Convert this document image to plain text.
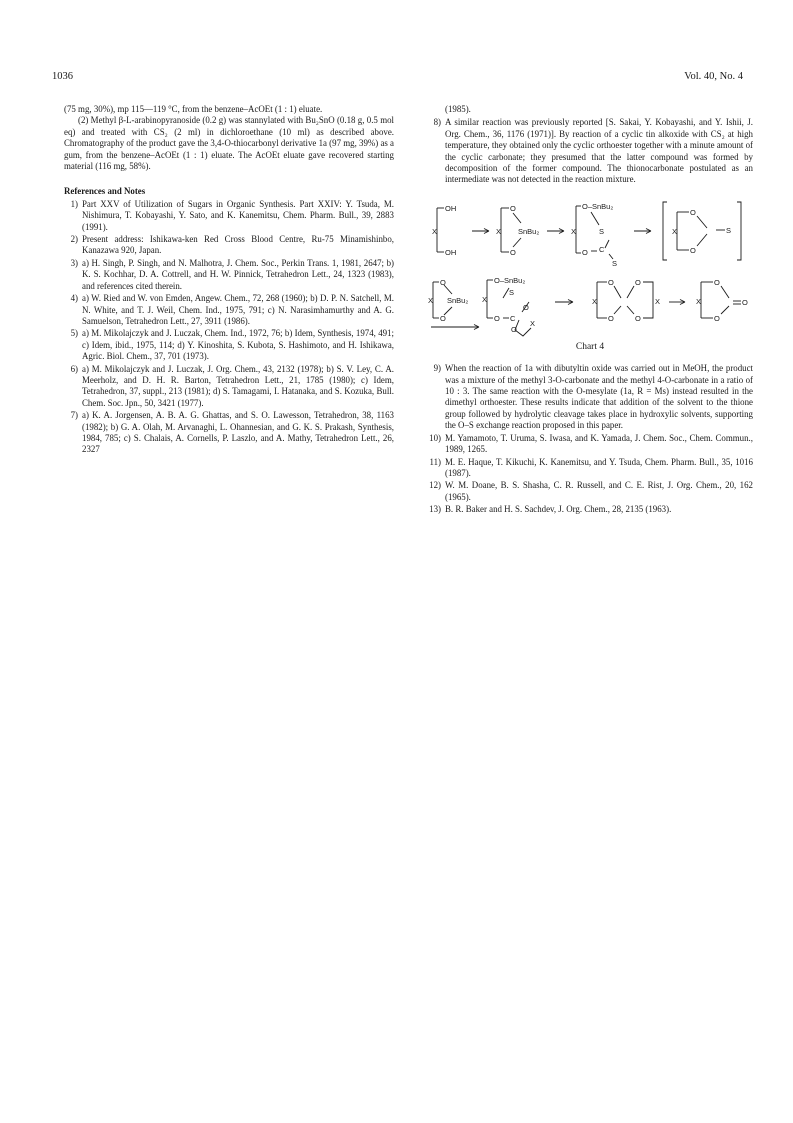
1036	Vol. 40, No. 4

(75 mg, 30%), mp 115—119 °C, from the benzene–AcOEt (1 : 1) eluate.

(2) Methyl β-L-arabinopyranoside (0.2 g) was stannylated with Bu₂SnO (0.18 g, 0.5 mol eq) and treated with CS₂ (2 ml) in dichloroethane (10 ml) as described above. Chromatography of the product gave the 3,4-O-thiocarbonyl derivative 1a (97 mg, 39%) as a gum, from the benzene–AcOEt (1 : 1) eluate. The AcOEt eluate gave recovered starting material (116 mg, 58%).

References and Notes

1) Part XXV of Utilization of Sugars in Organic Synthesis. Part XXIV: Y. Tsuda, M. Nishimura, T. Kobayashi, Y. Sato, and K. Kanemitsu, Chem. Pharm. Bull., 39, 2883 (1991).
2) Present address: Ishikawa-ken Red Cross Blood Centre, Ru-75 Minamishinbo, Kanazawa 920, Japan.
3) a) H. Singh, P. Singh, and N. Malhotra, J. Chem. Soc., Perkin Trans. 1, 1981, 2647; b) K. S. Kochhar, D. A. Cottrell, and H. W. Pinnick, Tetrahedron Lett., 24, 1323 (1983), and references cited therein.
4) a) W. Ried and W. von Emden, Angew. Chem., 72, 268 (1960); b) D. P. N. Satchell, M. N. White, and T. J. Weil, Chem. Ind., 1975, 791; c) N. Narasimhamurthy and A. G. Samuelson, Tetrahedron Lett., 27, 3911 (1986).
5) a) M. Mikolajczyk and J. Luczak, Chem. Ind., 1972, 76; b) Idem, Synthesis, 1974, 491; c) Idem, ibid., 1975, 114; d) Y. Kinoshita, S. Kubota, S. Hashimoto, and H. Ishikawa, Agric. Biol. Chem., 37, 701 (1973).
6) a) M. Mikolajczyk and J. Luczak, J. Org. Chem., 43, 2132 (1978); b) S. V. Ley, C. A. Meerholz, and D. H. R. Barton, Tetrahedron Lett., 21, 1785 (1980); c) Idem, Tetrahedron, 37, suppl., 213 (1981); d) S. Tamagami, I. Hatanaka, and S. Kozuka, Bull. Chem. Soc. Jpn., 50, 3421 (1977).
7) a) K. A. Jorgensen, A. B. A. G. Ghattas, and S. O. Lawesson, Tetrahedron, 38, 1163 (1982); b) G. A. Olah, M. Arvanaghi, L. Ohannesian, and G. K. S. Prakash, Synthesis, 1984, 785; c) S. Chalais, A. Cornells, P. Laszlo, and A. Mathy, Tetrahedron Lett., 26, 2327
(1985).
8) A similar reaction was previously reported [S. Sakai, Y. Kobayashi, and Y. Ishii, J. Org. Chem., 36, 1176 (1971)]. By reaction of a cyclic tin alkoxide with CS₂ at high temperature, they obtained only the cyclic orthoester together with a minute amount of the cyclic carbonate; they presumed that the latter compound was formed by decomposition of the former compound. The thionocarbonate postulated as an intermediate was not detected in the reaction mixture.
OH
X
OH
O
X SnBu₂
O
O–SnBu₂
X	S
O C
S
O
X
O
S
O
X SnBu₂
O
O–SnBu₂
X
S
O C
O
O
X
O	O
X	X
O	O
O
X
O
O

Chart 4

9) When the reaction of 1a with dibutyltin oxide was carried out in MeOH, the product was a mixture of the methyl 3-O-carbonate and the methyl 4-O-carbonate in a ratio of 10 : 3. The same reaction with the O-mesylate (1a, R = Ms) instead resulted in the dimethyl orthoester. These results indicate that addition of the solvent to the thione group followed by hydrolytic cleavage takes place in hydroxylic solvents, supporting the O–S exchange reaction proposed in this paper.
10) M. Yamamoto, T. Uruma, S. Iwasa, and K. Yamada, J. Chem. Soc., Chem. Commun., 1989, 1265.
11) M. E. Haque, T. Kikuchi, K. Kanemitsu, and Y. Tsuda, Chem. Pharm. Bull., 35, 1016 (1987).
12) W. M. Doane, B. S. Shasha, C. R. Russell, and C. E. Rist, J. Org. Chem., 20, 162 (1965).
13) B. R. Baker and H. S. Sachdev, J. Org. Chem., 28, 2135 (1963).
